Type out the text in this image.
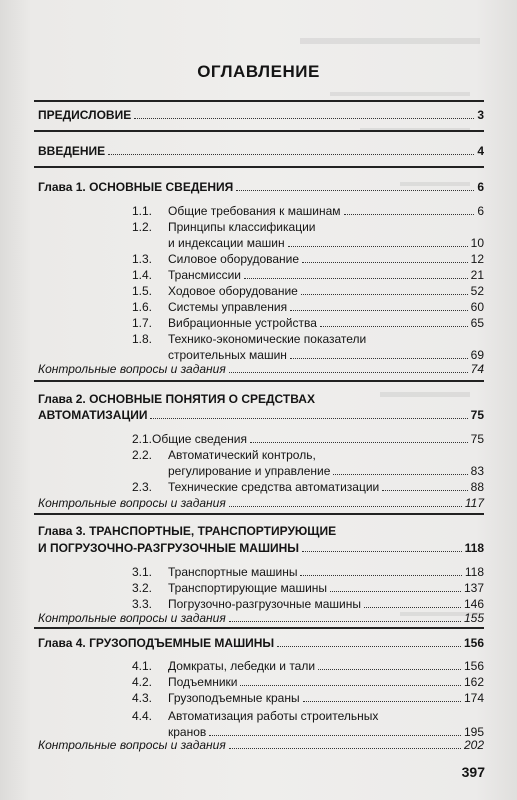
ОГЛАВЛЕНИЕ
ПРЕДИСЛОВИЕ	3
ВВЕДЕНИЕ	4
Глава 1. ОСНОВНЫЕ СВЕДЕНИЯ	6
1.1. Общие требования к машинам	6
1.2. Принципы классификации
и индексации машин	10
1.3. Силовое оборудование	12
1.4. Трансмиссии	21
1.5. Ходовое оборудование	52
1.6. Системы управления	60
1.7. Вибрационные устройства	65
1.8. Технико-экономические показатели
строительных машин	69
Контрольные вопросы и задания	74
Глава 2. ОСНОВНЫЕ ПОНЯТИЯ О СРЕДСТВАХ
АВТОМАТИЗАЦИИ	75
2.1.Общие сведения	75
2.2. Автоматический контроль,
регулирование и управление	83
2.3. Технические средства автоматизации	88
Контрольные вопросы и задания	117
Глава 3. ТРАНСПОРТНЫЕ, ТРАНСПОРТИРУЮЩИЕ
И ПОГРУЗОЧНО-РАЗГРУЗОЧНЫЕ МАШИНЫ	118
3.1. Транспортные машины	118
3.2. Транспортирующие машины	137
3.3. Погрузочно-разгрузочные машины	146
Контрольные вопросы и задания	155
Глава 4. ГРУЗОПОДЪЕМНЫЕ МАШИНЫ	156
4.1. Домкраты, лебедки и тали	156
4.2. Подъемники	162
4.3. Грузоподъемные краны	174
4.4. Автоматизация работы строительных
кранов	195
Контрольные вопросы и задания	202
397
